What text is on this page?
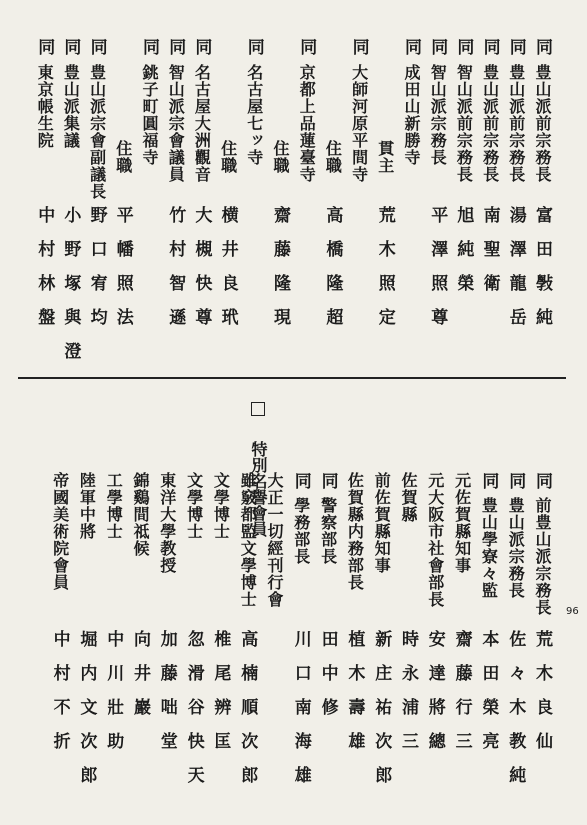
96
特別名譽會員
同
豊山派前宗務長
富田斅純
同
豊山派前宗務長
湯澤龍岳
同
豊山派前宗務長
南聖衛
同
智山派前宗務長
旭純榮
同
智山派宗務長
平澤照尊
同
成田山新勝寺
貫主
荒木照定
同
大師河原平間寺
住職
高橋隆超
同
京都上品蓮臺寺
住職
齋藤隆現
同
名古屋七ッ寺
住職
横井良玳
同
名古屋大洲觀音
大槻快尊
同
智山派宗會議員
竹村智遜
同
銚子町圓福寺
住職
平幡照法
同
豊山派宗會副議長
野口宥均
同
豊山派集議
小野塚與澄
同
東京帳生院
中村林盤
同
前豊山派宗務長
荒木良仙
同
豊山派宗務長
佐々木教純
同
豊山學寮々監
本田榮亮
元佐賀縣知事
齋藤行三
元大阪市社會部長
安達將總
佐賀縣
時永浦三
前佐賀縣知事
新庄祐次郎
佐賀縣内務部長
植木壽雄
同
警察部長
田中修
同
學務部長
川口南海雄
大正一切經刊行會
雖竅都監文學博士
高楠順次郎
文學博士
椎尾辨匡
文學博士
忽滑谷快天
東洋大學教授
加藤咄堂
錦鷄間祗候
向井巖
工學博士
中川壯助
陸軍中將
堀内文次郎
帝國美術院會員
中村不折
